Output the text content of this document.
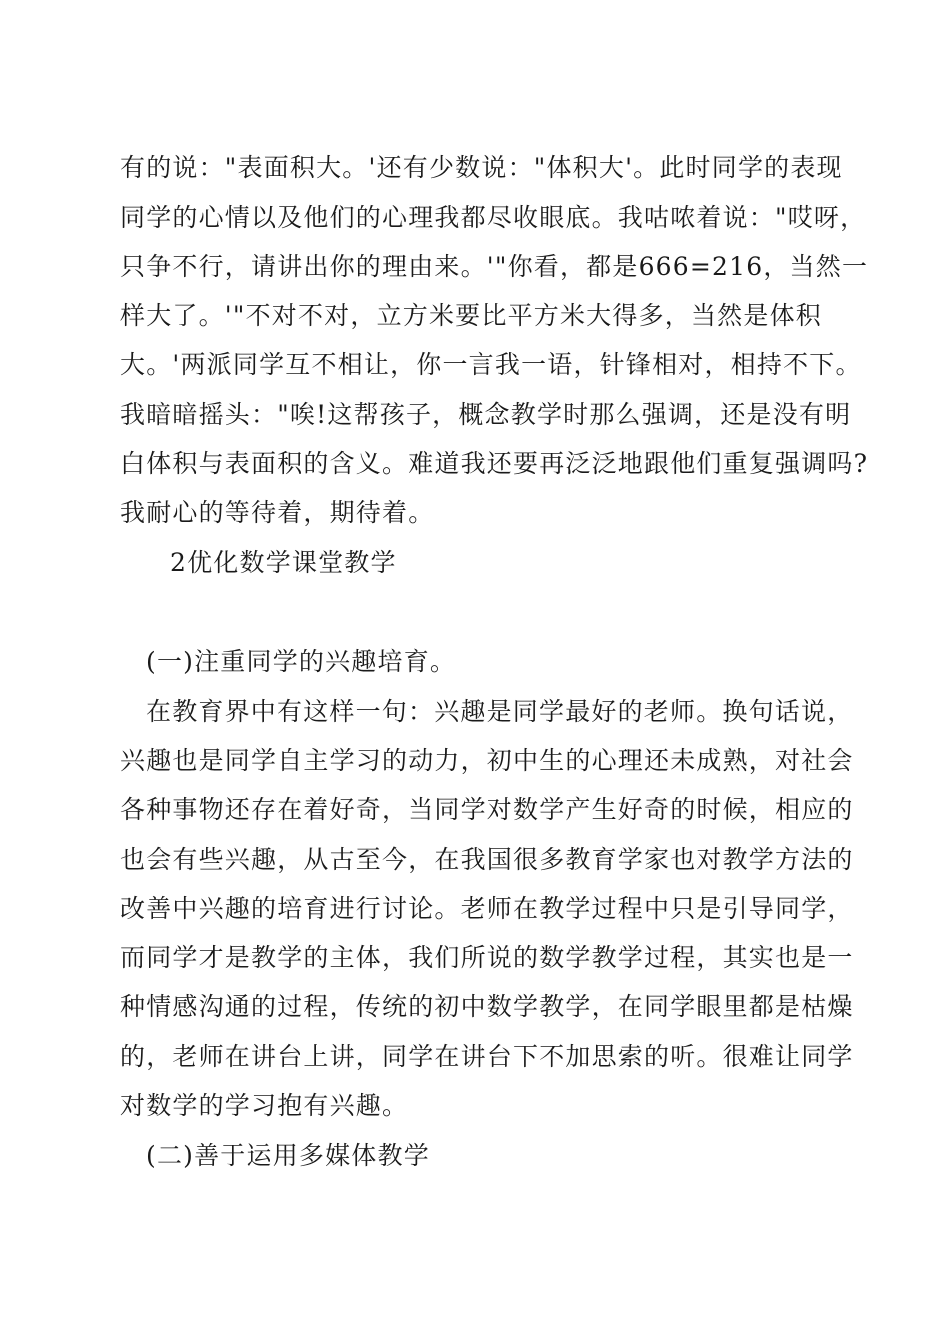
有的说："表面积大。'还有少数说："体积大'。此时同学的表现
同学的心情以及他们的心理我都尽收眼底。我咕哝着说："哎呀，
只争不行，请讲出你的理由来。'"你看，都是666=216，当然一
样大了。'"不对不对，立方米要比平方米大得多，当然是体积
大。'两派同学互不相让，你一言我一语，针锋相对，相持不下。
我暗暗摇头："唉!这帮孩子，概念教学时那么强调，还是没有明
白体积与表面积的含义。难道我还要再泛泛地跟他们重复强调吗?
我耐心的等待着，期待着。
2优化数学课堂教学
(一)注重同学的兴趣培育。
在教育界中有这样一句：兴趣是同学最好的老师。换句话说，
兴趣也是同学自主学习的动力，初中生的心理还未成熟，对社会
各种事物还存在着好奇，当同学对数学产生好奇的时候，相应的
也会有些兴趣，从古至今，在我国很多教育学家也对教学方法的
改善中兴趣的培育进行讨论。老师在教学过程中只是引导同学，
而同学才是教学的主体，我们所说的数学教学过程，其实也是一
种情感沟通的过程，传统的初中数学教学，在同学眼里都是枯燥
的，老师在讲台上讲，同学在讲台下不加思索的听。很难让同学
对数学的学习抱有兴趣。
(二)善于运用多媒体教学
